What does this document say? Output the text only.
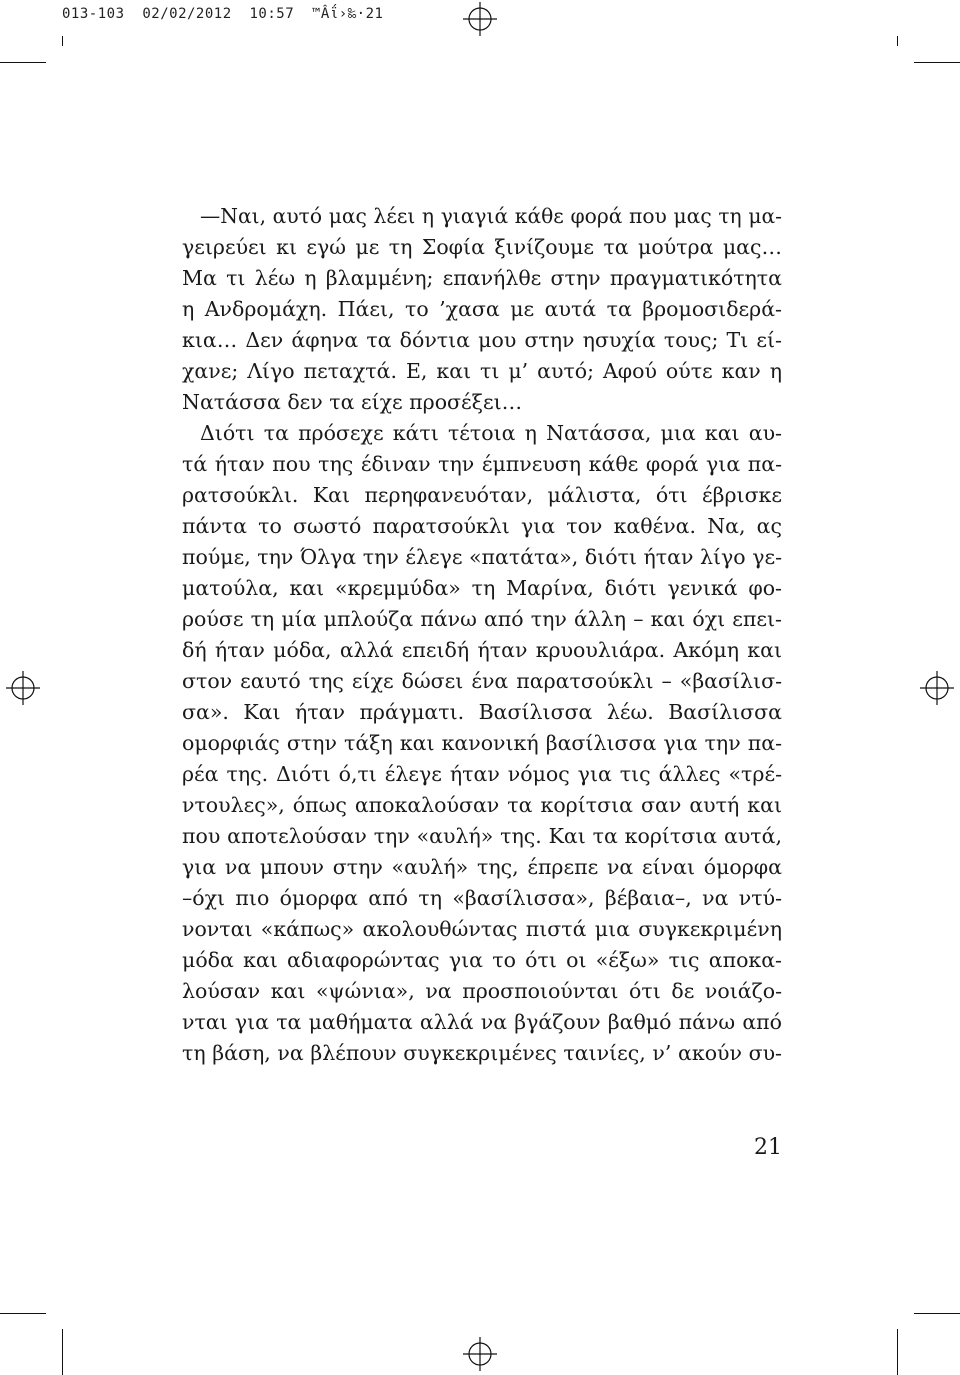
013-103  02/02/2012  10:57  ™Âΐ›‰·21
—Ναι, αυτό μας λέει η γιαγιά κάθε φορά που μας τη μα-
γειρεύει κι εγώ με τη Σοφία ξινίζουμε τα μούτρα μας…
Μα τι λέω η βλαμμένη; επανήλθε στην πραγματικότητα
η Ανδρομάχη. Πάει, το ’χασα με αυτά τα βρομοσιδερά-
κια… Δεν άφηνα τα δόντια μου στην ησυχία τους; Τι εί-
χανε; Λίγο πεταχτά. Ε, και τι μ’ αυτό; Αφού ούτε καν η
Νατάσσα δεν τα είχε προσέξει…
Διότι τα πρόσεχε κάτι τέτοια η Νατάσσα, μια και αυ-
τά ήταν που της έδιναν την έμπνευση κάθε φορά για πα-
ρατσούκλι. Και περηφανευόταν, μάλιστα, ότι έβρισκε
πάντα το σωστό παρατσούκλι για τον καθένα. Να, ας
πούμε, την Όλγα την έλεγε «πατάτα», διότι ήταν λίγο γε-
ματούλα, και «κρεμμύδα» τη Μαρίνα, διότι γενικά φο-
ρούσε τη μία μπλούζα πάνω από την άλλη – και όχι επει-
δή ήταν μόδα, αλλά επειδή ήταν κρυουλιάρα. Ακόμη και
στον εαυτό της είχε δώσει ένα παρατσούκλι – «βασίλισ-
σα». Και ήταν πράγματι. Βασίλισσα λέω. Βασίλισσα
ομορφιάς στην τάξη και κανονική βασίλισσα για την πα-
ρέα της. Διότι ό,τι έλεγε ήταν νόμος για τις άλλες «τρέ-
ντουλες», όπως αποκαλούσαν τα κορίτσια σαν αυτή και
που αποτελούσαν την «αυλή» της. Και τα κορίτσια αυτά,
για να μπουν στην «αυλή» της, έπρεπε να είναι όμορφα
–όχι πιο όμορφα από τη «βασίλισσα», βέβαια–, να ντύ-
νονται «κάπως» ακολουθώντας πιστά μια συγκεκριμένη
μόδα και αδιαφορώντας για το ότι οι «έξω» τις αποκα-
λούσαν και «ψώνια», να προσποιούνται ότι δε νοιάζο-
νται για τα μαθήματα αλλά να βγάζουν βαθμό πάνω από
τη βάση, να βλέπουν συγκεκριμένες ταινίες, ν’ ακούν συ-
21
